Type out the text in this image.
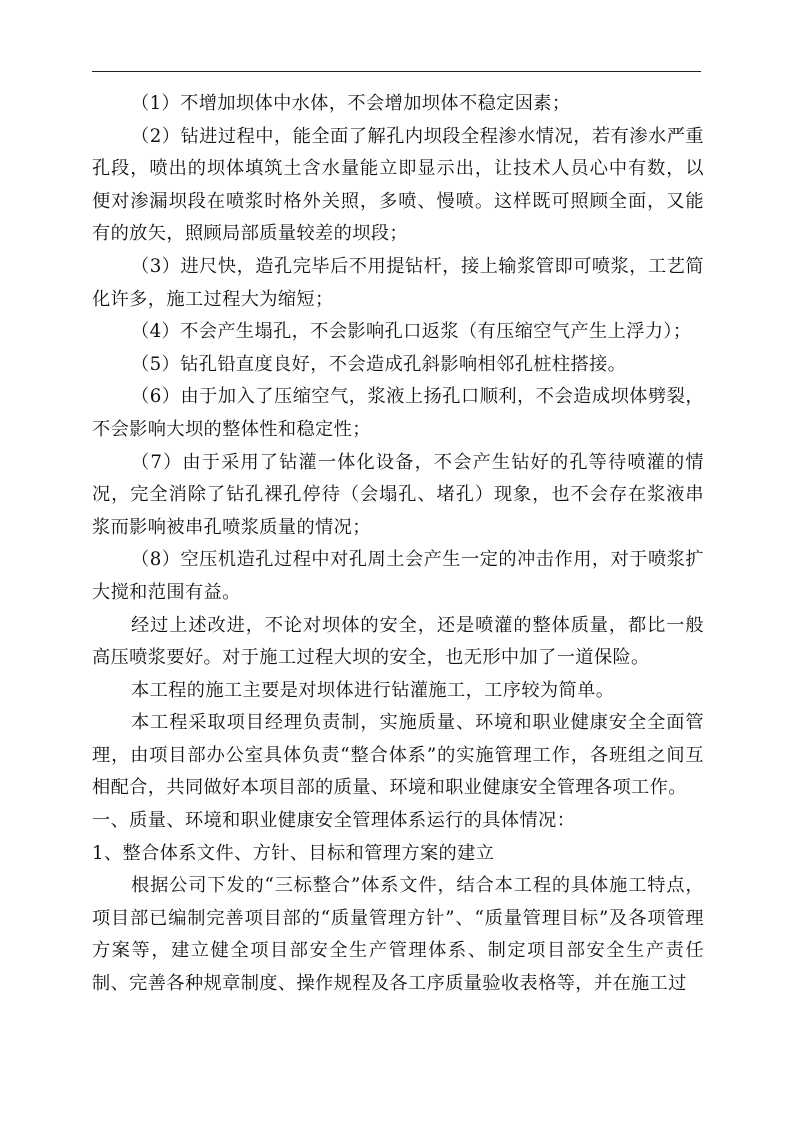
（1）不增加坝体中水体，不会增加坝体不稳定因素；

（2）钻进过程中，能全面了解孔内坝段全程渗水情况，若有渗水严重孔段，喷出的坝体填筑土含水量能立即显示出，让技术人员心中有数，以便对渗漏坝段在喷浆时格外关照，多喷、慢喷。这样既可照顾全面，又能有的放矢，照顾局部质量较差的坝段；

（3）进尺快，造孔完毕后不用提钻杆，接上输浆管即可喷浆，工艺简化许多，施工过程大为缩短；

（4）不会产生塌孔，不会影响孔口返浆（有压缩空气产生上浮力）；

（5）钻孔铅直度良好，不会造成孔斜影响相邻孔桩柱搭接。

（6）由于加入了压缩空气，浆液上扬孔口顺利，不会造成坝体劈裂，不会影响大坝的整体性和稳定性；

（7）由于采用了钻灌一体化设备，不会产生钻好的孔等待喷灌的情况，完全消除了钻孔裸孔停待（会塌孔、堵孔）现象，也不会存在浆液串浆而影响被串孔喷浆质量的情况；

（8）空压机造孔过程中对孔周土会产生一定的冲击作用，对于喷浆扩大搅和范围有益。

经过上述改进，不论对坝体的安全，还是喷灌的整体质量，都比一般高压喷浆要好。对于施工过程大坝的安全，也无形中加了一道保险。

本工程的施工主要是对坝体进行钻灌施工，工序较为简单。

本工程采取项目经理负责制，实施质量、环境和职业健康安全全面管理，由项目部办公室具体负责“整合体系”的实施管理工作，各班组之间互相配合，共同做好本项目部的质量、环境和职业健康安全管理各项工作。

一、质量、环境和职业健康安全管理体系运行的具体情况：

1、整合体系文件、方针、目标和管理方案的建立

根据公司下发的“三标整合”体系文件，结合本工程的具体施工特点，项目部已编制完善项目部的“质量管理方针”、“质量管理目标”及各项管理方案等，建立健全项目部安全生产管理体系、制定项目部安全生产责任制、完善各种规章制度、操作规程及各工序质量验收表格等，并在施工过
